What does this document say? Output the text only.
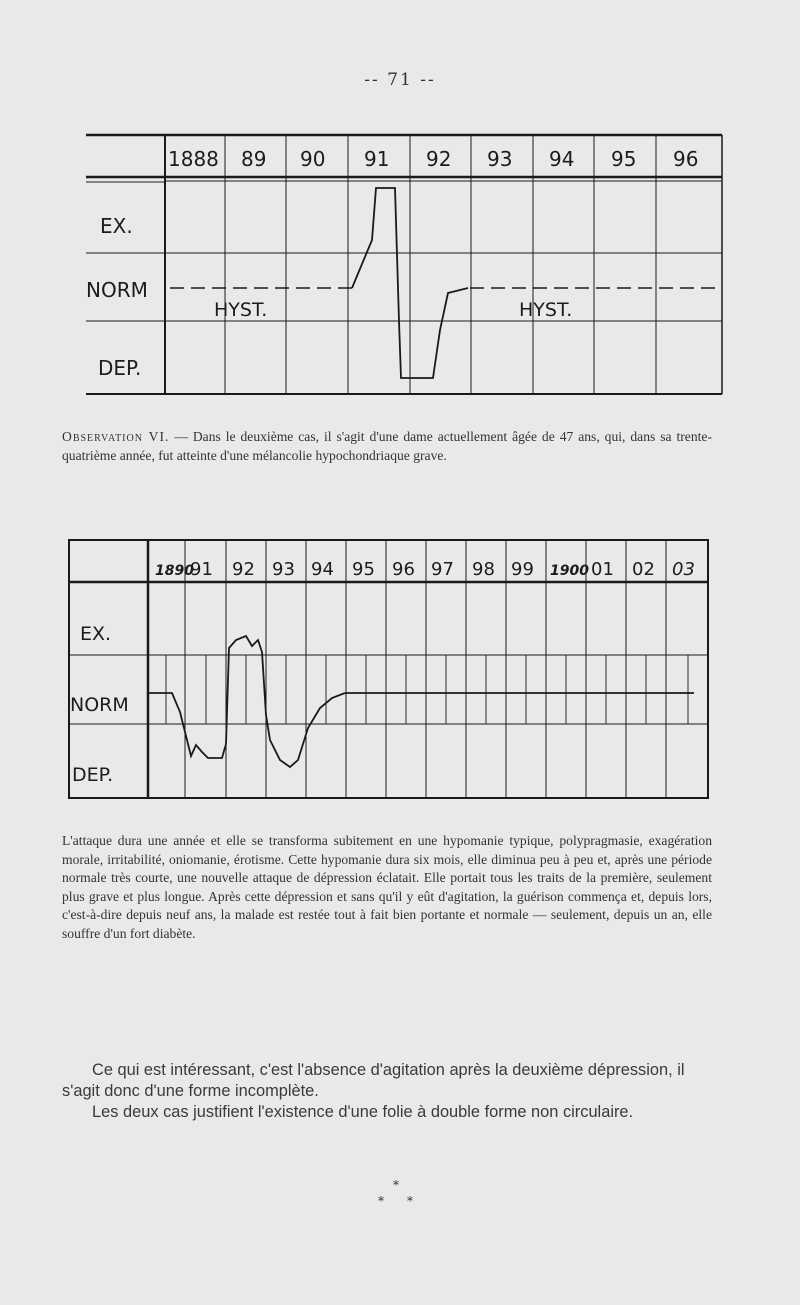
-- 71 --
1888 89 90 91 92 93 94 95 96
EX.
NORM
DEP.
HYST.	HYST.

Observation VI. — Dans le deuxième cas, il s'agit d'une dame actuellement âgée de 47 ans, qui, dans sa trente-quatrième année, fut atteinte d'une mélancolie hypochondriaque grave.

1890
91 92 93 94 95 96 97 98 99 1900 01 02 03
EX.
NORM
DEP.

L'attaque dura une année et elle se transforma subitement en une hypomanie typique, polypragmasie, exagération morale, irritabilité, oniomanie, érotisme. Cette hypomanie dura six mois, elle diminua peu à peu et, après une période normale très courte, une nouvelle attaque de dépression éclatait. Elle portait tous les traits de la première, seulement plus grave et plus longue. Après cette dépression et sans qu'il y eût d'agitation, la guérison commença et, depuis lors, c'est-à-dire depuis neuf ans, la malade est restée tout à fait bien portante et normale — seulement, depuis un an, elle souffre d'un fort diabète.

Ce qui est intéressant, c'est l'absence d'agitation après la deuxième dépression, il s'agit donc d'une forme incomplète.
Les deux cas justifient l'existence d'une folie à double forme non circulaire.
*
* *
